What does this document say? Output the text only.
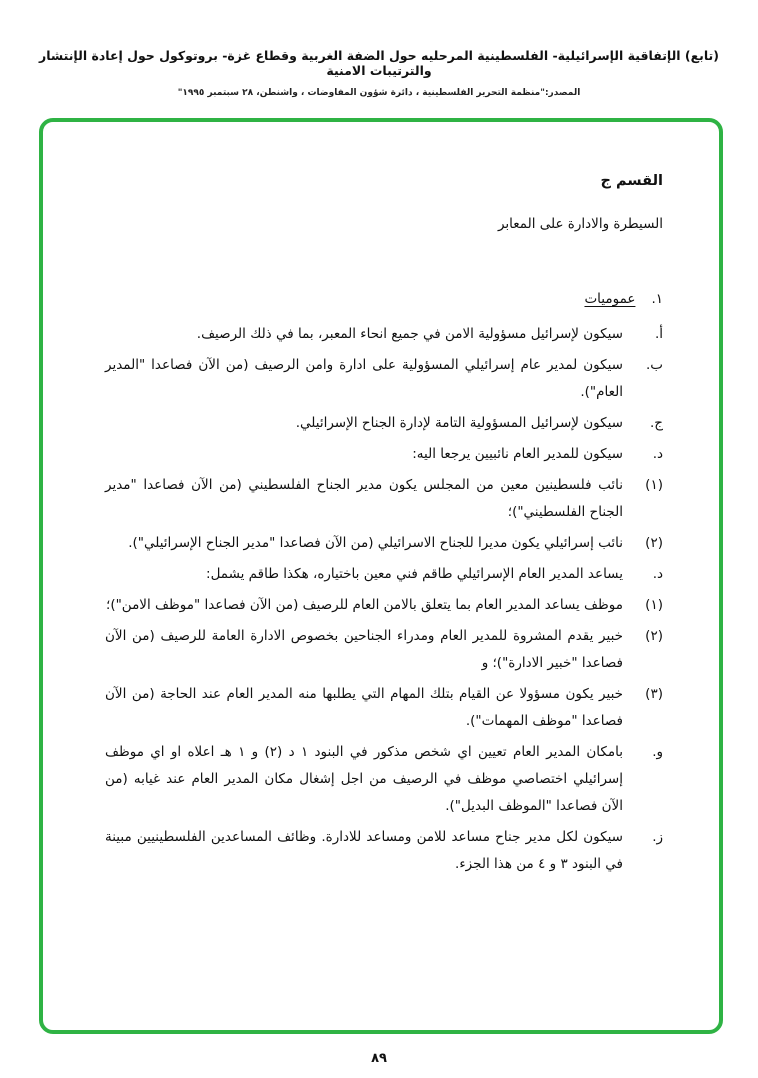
(تابع) الإتفاقية الإسرائيلية- الفلسطينية المرحليه حول الضفة الغربية وقطاع غزة- بروتوكول حول إعادة الإنتشار والترتيبات الامنية
المصدر:"منظمة التحرير الفلسطينية ، دائرة شؤون المفاوضات ، واشنطن، ٢٨ سبتمبر ١٩٩٥"
القسم ج
السيطرة والادارة على المعابر
١.عموميات
أ.
سيكون لإسرائيل مسؤولية الامن في جميع انحاء المعبر، بما في ذلك الرصيف.
ب.
سيكون لمدير عام إسرائيلي المسؤولية على ادارة وامن الرصيف (من الآن فصاعدا "المدير العام").
ج.
سيكون لإسرائيل المسؤولية التامة لإدارة الجناح الإسرائيلي.
د.
سيكون للمدير العام نائبيين يرجعا اليه:
(١)
نائب فلسطينين معين من المجلس يكون مدير الجناح الفلسطيني (من الآن فصاعدا "مدير الجناح الفلسطيني")؛
(٢)
نائب إسرائيلي يكون مديرا للجناح الاسرائيلي (من الآن فصاعدا "مدير الجناح الإسرائيلي").
د.
يساعد المدير العام الإسرائيلي طاقم فني معين باختياره، هكذا طاقم يشمل:
(١)
موظف يساعد المدير العام بما يتعلق بالامن العام للرصيف (من الآن فصاعدا "موظف الامن")؛
(٢)
خبير يقدم المشروة للمدير العام ومدراء الجناحين بخصوص الادارة العامة للرصيف (من الآن فصاعدا "خبير الادارة")؛ و
(٣)
خبير يكون مسؤولا عن القيام بتلك المهام التي يطلبها منه المدير العام عند الحاجة (من الآن فصاعدا "موظف المهمات").
و.
بامكان المدير العام تعيين اي شخص مذكور في البنود ١ د (٢) و ١ هـ اعلاه او اي موظف إسرائيلي اختصاصي موظف في الرصيف من اجل إشغال مكان المدير العام عند غيابه (من الآن فصاعدا "الموظف البديل").
ز.
سيكون لكل مدير جناح مساعد للامن ومساعد للادارة. وظائف المساعدين الفلسطينيين مبينة في البنود ٣ و ٤ من هذا الجزء.
٨٩
